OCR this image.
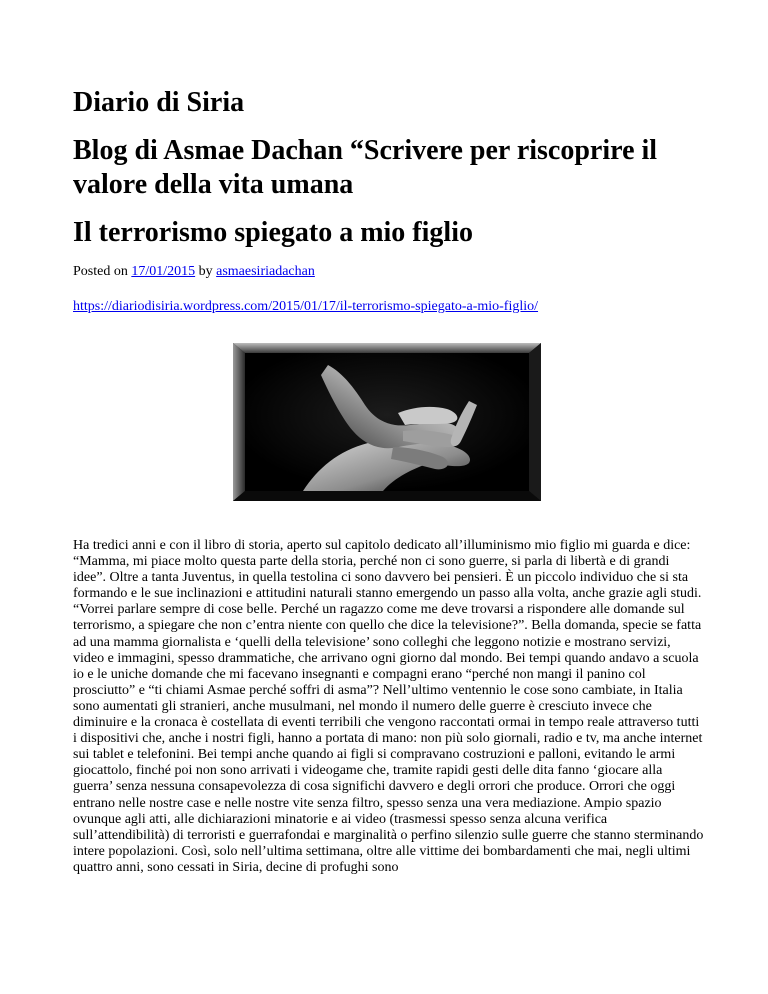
Diario di Siria
Blog di Asmae Dachan “Scrivere per riscoprire il valore della vita umana
Il terrorismo spiegato a mio figlio
Posted on 17/01/2015 by asmaesiriadachan
https://diariodisiria.wordpress.com/2015/01/17/il-terrorismo-spiegato-a-mio-figlio/

Ha tredici anni e con il libro di storia, aperto sul capitolo dedicato all’illuminismo mio figlio mi guarda e dice: “Mamma, mi piace molto questa parte della storia, perché non ci sono guerre, si parla di libertà e di grandi idee”. Oltre a tanta Juventus, in quella testolina ci sono davvero bei pensieri. È un piccolo individuo che si sta formando e le sue inclinazioni e attitudini naturali stanno emergendo un passo alla volta, anche grazie agli studi. “Vorrei parlare sempre di cose belle. Perché un ragazzo come me deve trovarsi a rispondere alle domande sul terrorismo, a spiegare che non c’entra niente con quello che dice la televisione?”. Bella domanda, specie se fatta ad una mamma giornalista e ‘quelli della televisione’ sono colleghi che leggono notizie e mostrano servizi, video e immagini, spesso drammatiche, che arrivano ogni giorno dal mondo. Bei tempi quando andavo a scuola io e le uniche domande che mi facevano insegnanti e compagni erano “perché non mangi il panino col prosciutto” e “ti chiami Asmae perché soffri di asma”? Nell’ultimo ventennio le cose sono cambiate, in Italia sono aumentati gli stranieri, anche musulmani, nel mondo il numero delle guerre è cresciuto invece che diminuire e la cronaca è costellata di eventi terribili che vengono raccontati ormai in tempo reale attraverso tutti i dispositivi che, anche i nostri figli, hanno a portata di mano: non più solo giornali, radio e tv, ma anche internet sui tablet e telefonini. Bei tempi anche quando ai figli si compravano costruzioni e palloni, evitando le armi giocattolo, finché poi non sono arrivati i videogame che, tramite rapidi gesti delle dita fanno ‘giocare alla guerra’ senza nessuna consapevolezza di cosa significhi davvero e degli orrori che produce. Orrori che oggi entrano nelle nostre case e nelle nostre vite senza filtro, spesso senza una vera mediazione. Ampio spazio ovunque agli atti, alle dichiarazioni minatorie e ai video (trasmessi spesso senza alcuna verifica sull’attendibilità) di terroristi e guerrafondai e marginalità o perfino silenzio sulle guerre che stanno sterminando intere popolazioni. Così, solo nell’ultima settimana, oltre alle vittime dei bombardamenti che mai, negli ultimi quattro anni, sono cessati in Siria, decine di profughi sono
